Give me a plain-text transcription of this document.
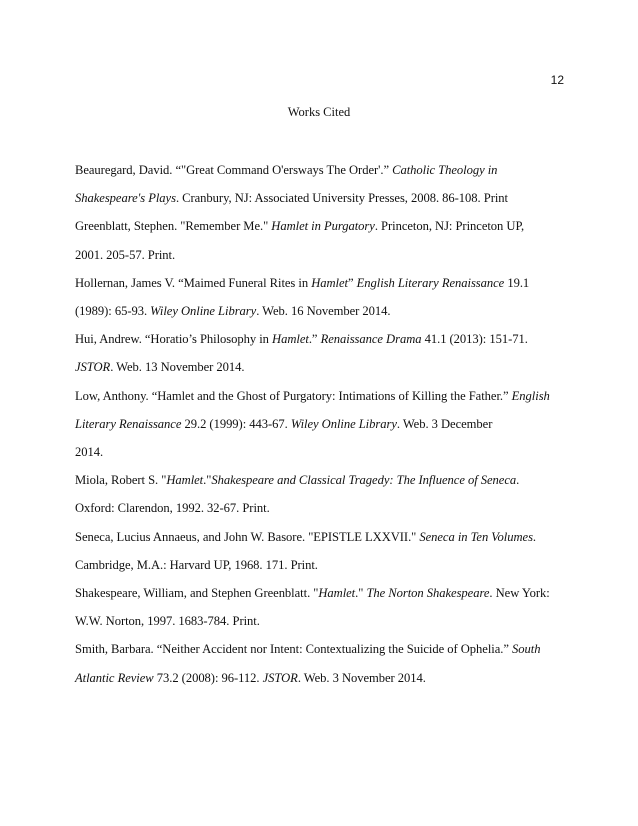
12
Works Cited
Beauregard, David. “"Great Command O'ersways The Order'.” Catholic Theology in
Shakespeare's Plays. Cranbury, NJ: Associated University Presses, 2008. 86-108. Print
Greenblatt, Stephen. "Remember Me." Hamlet in Purgatory. Princeton, NJ: Princeton UP,
2001. 205-57. Print.
Hollernan, James V. “Maimed Funeral Rites in Hamlet” English Literary Renaissance 19.1
(1989): 65-93. Wiley Online Library. Web. 16 November 2014.
Hui, Andrew. “Horatio’s Philosophy in Hamlet.” Renaissance Drama 41.1 (2013): 151-71.
JSTOR. Web. 13 November 2014.
Low, Anthony. “Hamlet and the Ghost of Purgatory: Intimations of Killing the Father.” English
Literary Renaissance 29.2 (1999): 443-67. Wiley Online Library. Web. 3 December
2014.
Miola, Robert S. "Hamlet."Shakespeare and Classical Tragedy: The Influence of Seneca.
Oxford: Clarendon, 1992. 32-67. Print.
Seneca, Lucius Annaeus, and John W. Basore. "EPISTLE LXXVII." Seneca in Ten Volumes.
Cambridge, M.A.: Harvard UP, 1968. 171. Print.
Shakespeare, William, and Stephen Greenblatt. "Hamlet." The Norton Shakespeare. New York:
W.W. Norton, 1997. 1683-784. Print.
Smith, Barbara. “Neither Accident nor Intent: Contextualizing the Suicide of Ophelia.” South
Atlantic Review 73.2 (2008): 96-112. JSTOR. Web. 3 November 2014.
